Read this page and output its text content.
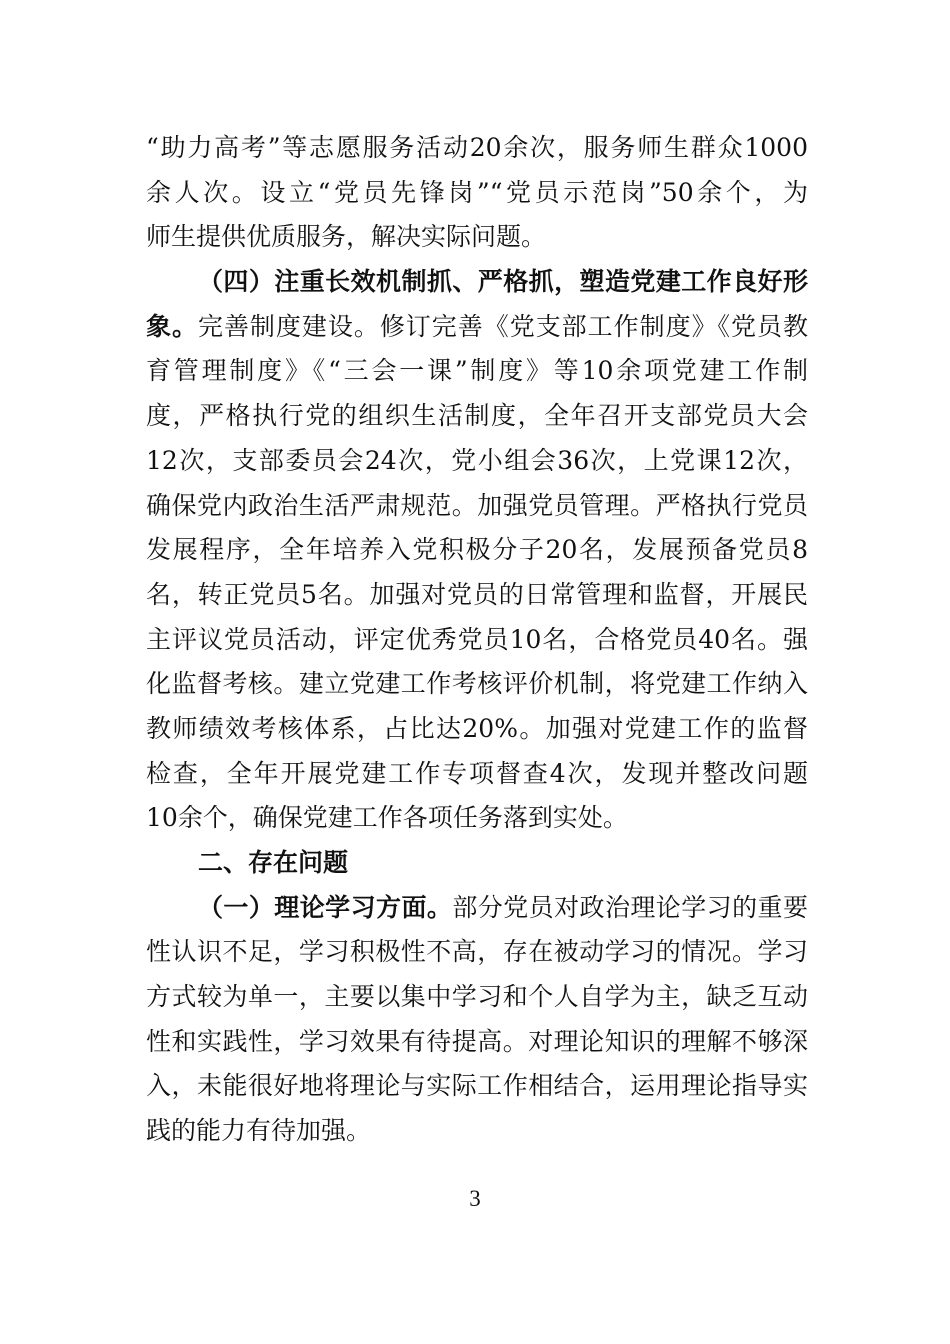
“助力高考”等志愿服务活动20余次，服务师生群众1000
余人次。设立“党员先锋岗”“党员示范岗”50余个，为
师生提供优质服务，解决实际问题。
（四）注重长效机制抓、严格抓，塑造党建工作良好形
象。完善制度建设。修订完善《党支部工作制度》《党员教
育管理制度》《“三会一课”制度》等10余项党建工作制
度，严格执行党的组织生活制度，全年召开支部党员大会
12次，支部委员会24次，党小组会36次，上党课12次，
确保党内政治生活严肃规范。加强党员管理。严格执行党员
发展程序，全年培养入党积极分子20名，发展预备党员8
名，转正党员5名。加强对党员的日常管理和监督，开展民
主评议党员活动，评定优秀党员10名，合格党员40名。强
化监督考核。建立党建工作考核评价机制，将党建工作纳入
教师绩效考核体系，占比达20%。加强对党建工作的监督
检查，全年开展党建工作专项督查4次，发现并整改问题
10余个，确保党建工作各项任务落到实处。
二、存在问题
（一）理论学习方面。部分党员对政治理论学习的重要
性认识不足，学习积极性不高，存在被动学习的情况。学习
方式较为单一，主要以集中学习和个人自学为主，缺乏互动
性和实践性，学习效果有待提高。对理论知识的理解不够深
入，未能很好地将理论与实际工作相结合，运用理论指导实
践的能力有待加强。
3
